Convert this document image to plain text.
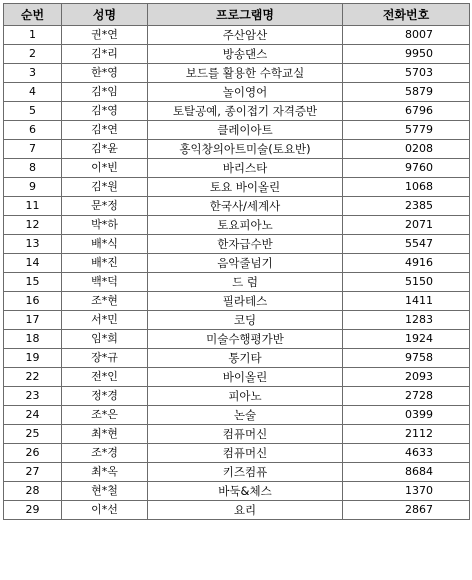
순번	성명	프로그램명	전화번호
1	권*연	주산암산	8007
2	김*리	방송댄스	9950
3	한*영	보드를 활용한 수학교실	5703
4	김*임	놀이영어	5879
5	김*영	토탈공예, 종이접기 자격증반	6796
6	김*연	클레이아트	5779
7	김*윤	홍익창의아트미술(토요반)	0208
8	이*빈	바리스타	9760
9	김*원	토요 바이올린	1068
11	문*정	한국사/세계사	2385
12	박*하	토요피아노	2071
13	배*식	한자급수반	5547
14	배*진	음악줄넘기	4916
15	백*덕	드 럼	5150
16	조*현	필라테스	1411
17	서*민	코딩	1283
18	임*희	미술수행평가반	1924
19	장*규	통기타	9758
22	전*인	바이올린	2093
23	정*경	피아노	2728
24	조*은	논술	0399
25	최*현	컴퓨머신	2112
26	조*경	컴퓨머신	4633
27	최*옥	키즈컴퓨	8684
28	현*철	바둑&체스	1370
29	이*선	요리	2867
